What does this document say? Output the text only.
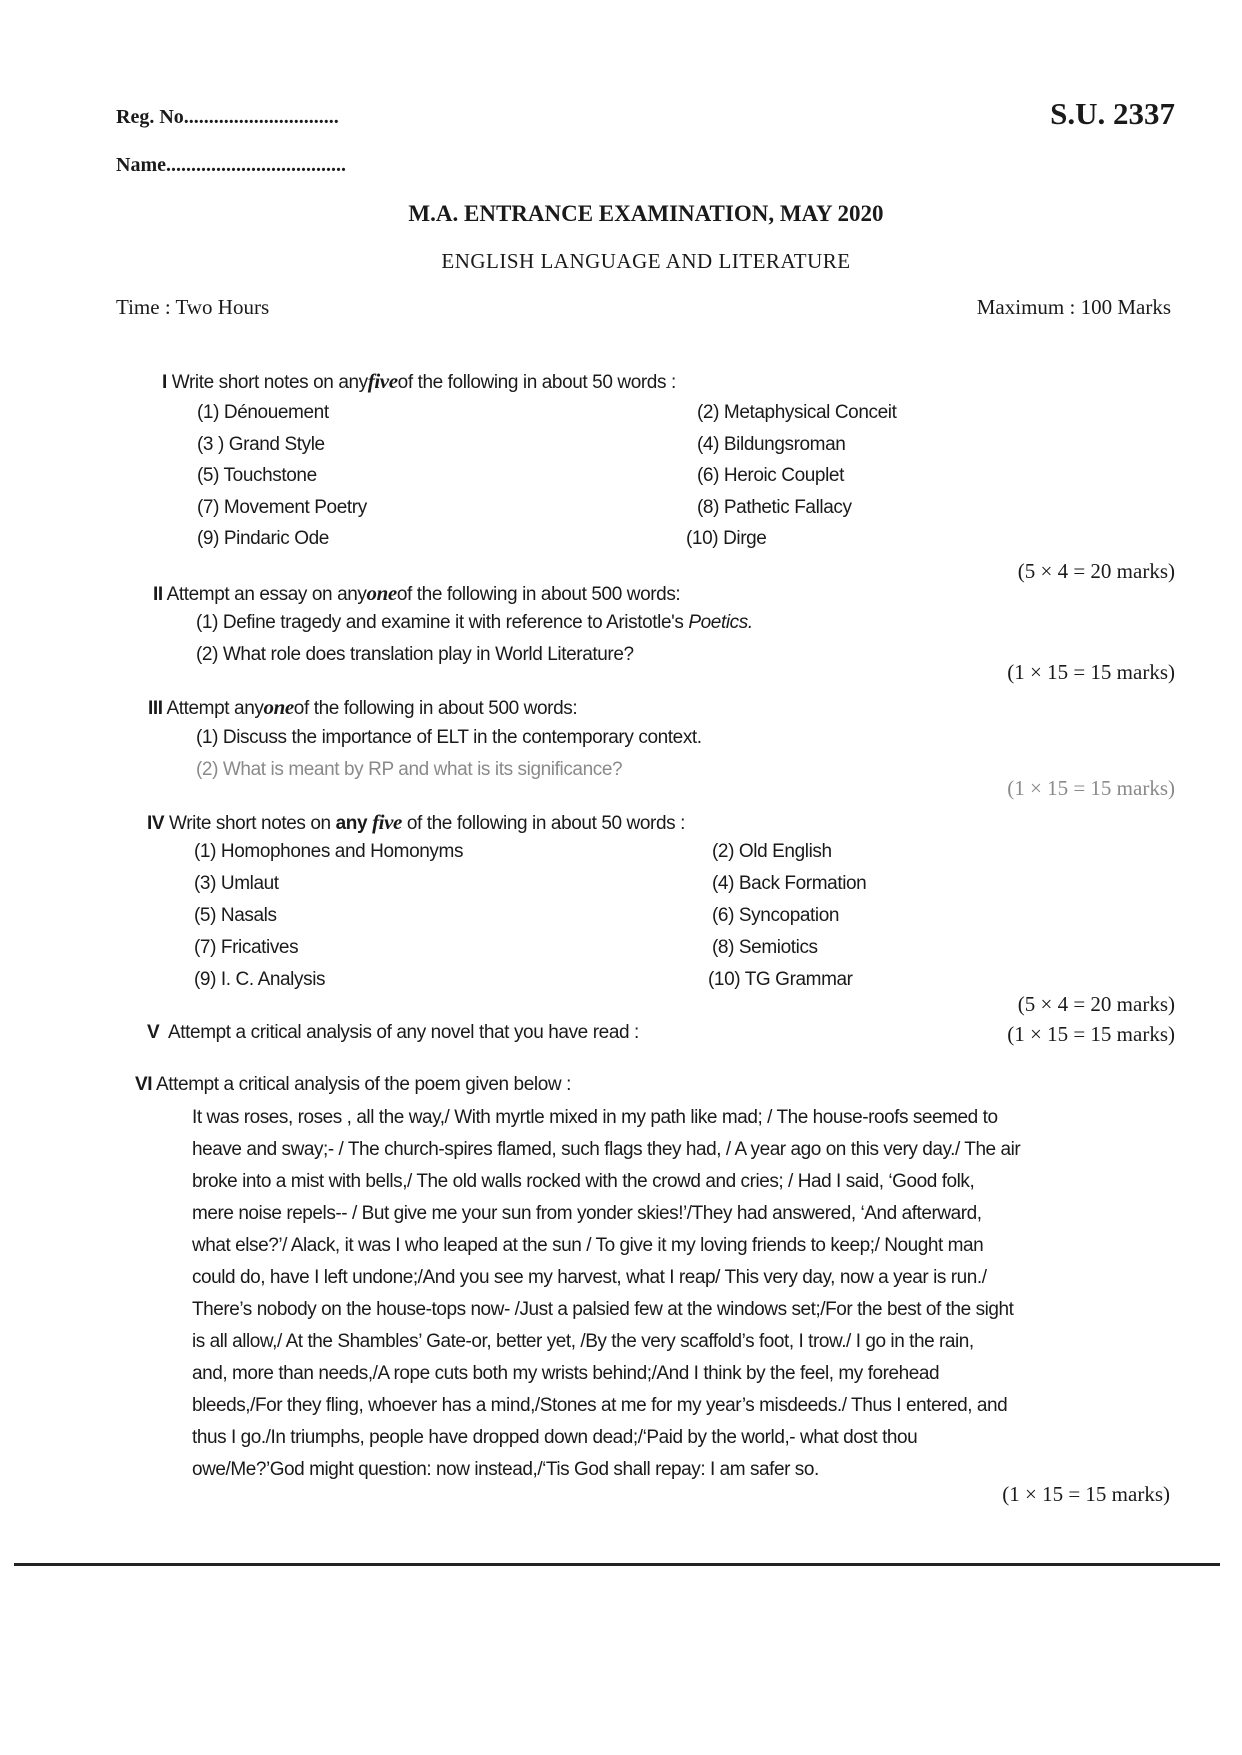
Reg. No...............................
Name....................................
S.U. 2337
M.A. ENTRANCE EXAMINATION, MAY 2020
ENGLISH LANGUAGE AND LITERATURE
Time : Two Hours	Maximum : 100 Marks
I Write short notes on anyfiveof the following in about 50 words :
(1) Dénouement	(2) Metaphysical Conceit
(3 ) Grand Style	(4) Bildungsroman
(5) Touchstone	(6) Heroic Couplet
(7) Movement Poetry	(8) Pathetic Fallacy
(9) Pindaric Ode	(10) Dirge
(5 × 4 = 20 marks)
II Attempt an essay on anyoneof the following in about 500 words:
(1) Define tragedy and examine it with reference to Aristotle's Poetics.
(2) What role does translation play in World Literature?
(1 × 15 = 15 marks)
III Attempt anyoneof the following in about 500 words:
(1) Discuss the importance of ELT in the contemporary context.
(2) What is meant by RP and what is its significance?
(1 × 15 = 15 marks)
IV Write short notes on any five of the following in about 50 words :
(1) Homophones and Homonyms	(2) Old English
(3) Umlaut	(4) Back Formation
(5) Nasals	(6) Syncopation
(7) Fricatives	(8) Semiotics
(9) I. C. Analysis	(10) TG Grammar
(5 × 4 = 20 marks)
V Attempt a critical analysis of any novel that you have read :	(1 × 15 = 15 marks)
VI Attempt a critical analysis of the poem given below :
It was roses, roses , all the way,/ With myrtle mixed in my path like mad; / The house-roofs seemed to
heave and sway;- / The church-spires flamed, such flags they had, / A year ago on this very day./ The air
broke into a mist with bells,/ The old walls rocked with the crowd and cries; / Had I said, ‘Good folk,
mere noise repels-- / But give me your sun from yonder skies!’/They had answered, ‘And afterward,
what else?’/ Alack, it was I who leaped at the sun / To give it my loving friends to keep;/ Nought man
could do, have I left undone;/And you see my harvest, what I reap/ This very day, now a year is run./
There’s nobody on the house-tops now- /Just a palsied few at the windows set;/For the best of the sight
is all allow,/ At the Shambles’ Gate-or, better yet, /By the very scaffold’s foot, I trow./ I go in the rain,
and, more than needs,/A rope cuts both my wrists behind;/And I think by the feel, my forehead
bleeds,/For they fling, whoever has a mind,/Stones at me for my year’s misdeeds./ Thus I entered, and
thus I go./In triumphs, people have dropped down dead;/‘Paid by the world,- what dost thou
owe/Me?’God might question: now instead,/‘Tis God shall repay: I am safer so.
(1 × 15 = 15 marks)
